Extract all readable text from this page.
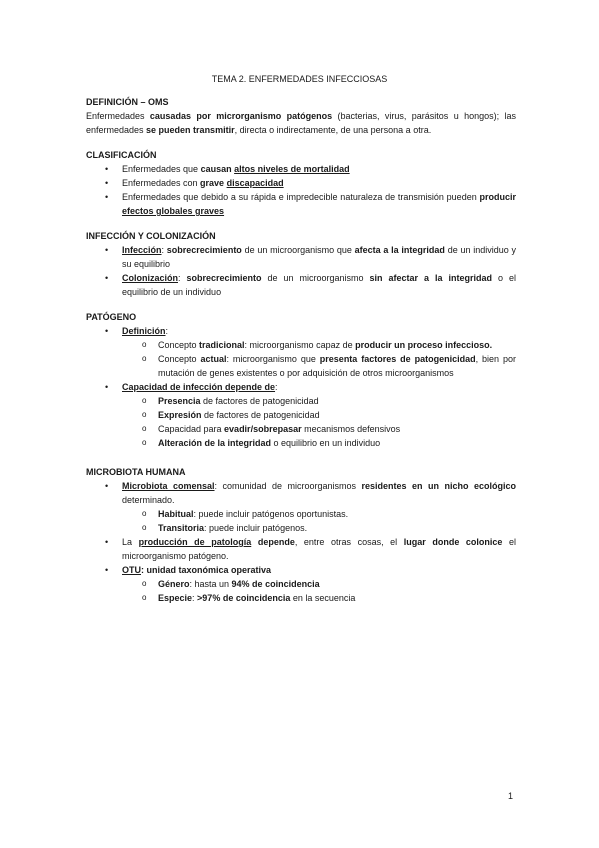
TEMA 2. ENFERMEDADES INFECCIOSAS
DEFINICIÓN – OMS
Enfermedades causadas por microrganismo patógenos (bacterias, virus, parásitos u hongos); las enfermedades se pueden transmitir, directa o indirectamente, de una persona a otra.
CLASIFICACIÓN
• Enfermedades que causan altos niveles de mortalidad
• Enfermedades con grave discapacidad
• Enfermedades que debido a su rápida e impredecible naturaleza de transmisión pueden producir efectos globales graves
INFECCIÓN Y COLONIZACIÓN
• Infección: sobrecrecimiento de un microorganismo que afecta a la integridad de un individuo y su equilibrio
• Colonización: sobrecrecimiento de un microorganismo sin afectar a la integridad o el equilibrio de un individuo
PATÓGENO
• Definición:
o Concepto tradicional: microorganismo capaz de producir un proceso infeccioso.
o Concepto actual: microorganismo que presenta factores de patogenicidad, bien por mutación de genes existentes o por adquisición de otros microorganismos
• Capacidad de infección depende de:
o Presencia de factores de patogenicidad
o Expresión de factores de patogenicidad
o Capacidad para evadir/sobrepasar mecanismos defensivos
o Alteración de la integridad o equilibrio en un individuo
MICROBIOTA HUMANA
• Microbiota comensal: comunidad de microorganismos residentes en un nicho ecológico determinado.
o Habitual: puede incluir patógenos oportunistas.
o Transitoria: puede incluir patógenos.
• La producción de patología depende, entre otras cosas, el lugar donde colonice el microorganismo patógeno.
• OTU: unidad taxonómica operativa
o Género: hasta un 94% de coincidencia
o Especie: >97% de coincidencia en la secuencia
1
